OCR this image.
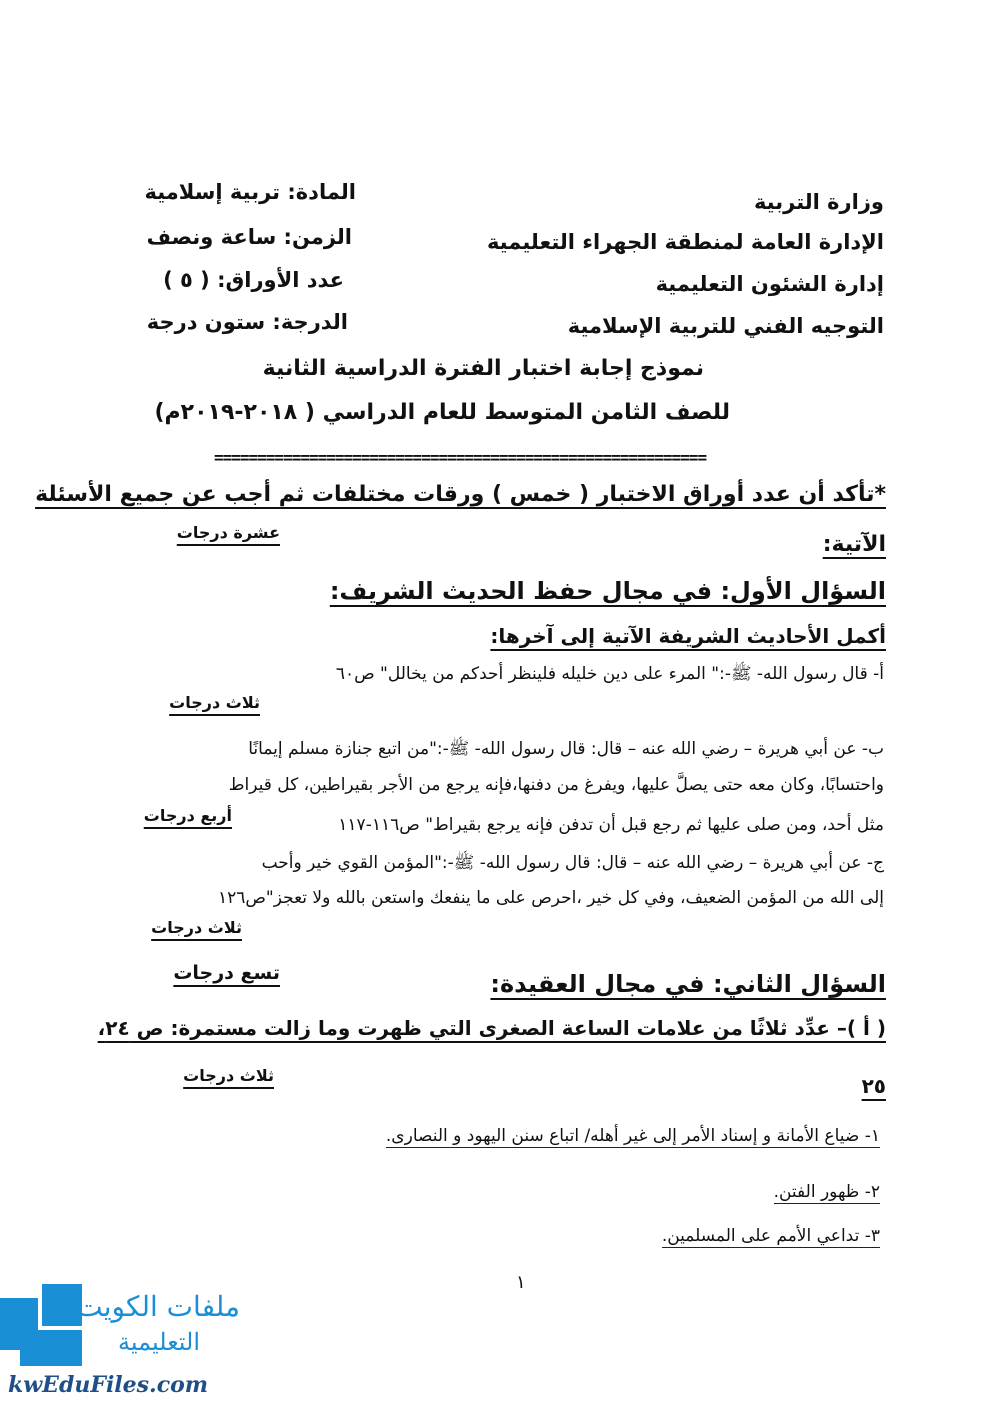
وزارة التربية
الإدارة العامة لمنطقة الجهراء التعليمية
إدارة الشئون التعليمية
التوجيه الفني للتربية الإسلامية
المادة: تربية إسلامية
الزمن: ساعة ونصف
عدد الأوراق: ( ٥ )
الدرجة: ستون درجة
نموذج إجابة اختبار الفترة الدراسية الثانية
للصف الثامن المتوسط للعام الدراسي ( ٢٠١٨-٢٠١٩م)
=========================================================
*تأكد أن عدد أوراق الاختبار ( خمس ) ورقات مختلفات ثم أجب عن جميع الأسئلة
الآتية:
عشرة درجات
السؤال الأول: في مجال حفظ الحديث الشريف:
أكمل الأحاديث الشريفة الآتية إلى آخرها:
أ- قال رسول الله- ﷺ-:" المرء على دين خليله فلينظر أحدكم من يخالل" ص٦٠
ثلاث درجات
ب- عن أبي هريرة – رضي الله عنه – قال: قال رسول الله- ﷺ-:"من اتبع جنازة مسلم إيمانًا
واحتسابًا، وكان معه حتى يصلَّ عليها، ويفرغ من دفنها،فإنه يرجع من الأجر بقيراطين، كل قيراط
مثل أحد، ومن صلى عليها ثم رجع قبل أن تدفن فإنه يرجع بقيراط" ص١١٦-١١٧
أربع درجات
ج- عن أبي هريرة – رضي الله عنه – قال: قال رسول الله- ﷺ-:"المؤمن القوي خير وأحب
إلى الله من المؤمن الضعيف، وفي كل خير ،احرص على ما ينفعك واستعن بالله ولا تعجز"ص١٢٦
ثلاث درجات
السؤال الثاني: في مجال العقيدة:
تسع درجات
( أ )– عدِّد ثلاثًا من علامات الساعة الصغرى التي ظهرت وما زالت مستمرة: ص ٢٤،
٢٥
ثلاث درجات
١- ضياع الأمانة و إسناد الأمر إلى غير أهله/ اتباع سنن اليهود و النصارى.
٢- ظهور الفتن.
٣- تداعي الأمم على المسلمين.
١
ملفات الكويت
التعليمية
kwEduFiles.com
